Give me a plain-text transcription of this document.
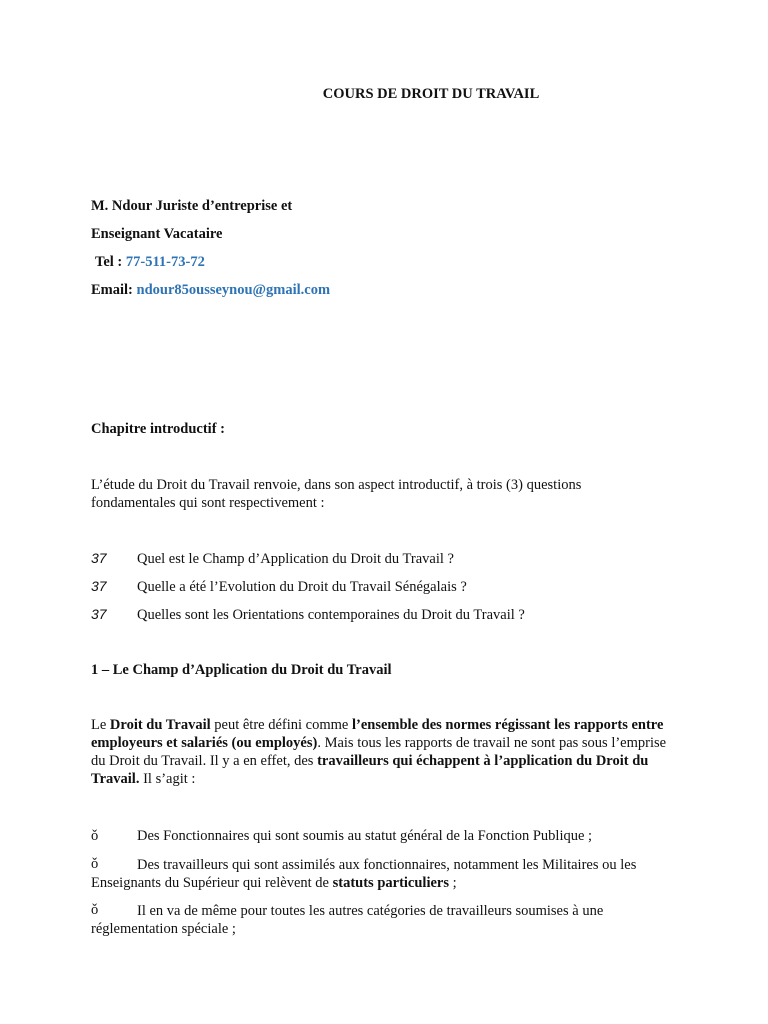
COURS DE DROIT DU TRAVAIL
M. Ndour Juriste d’entreprise et
Enseignant Vacataire
Tel : 77-511-73-72
Email: ndour85ousseynou@gmail.com
Chapitre introductif :
L’étude du Droit du Travail renvoie, dans son aspect introductif, à trois (3) questions
fondamentales qui sont respectivement :
37 Quel est le Champ d’Application du Droit du Travail ?
37 Quelle a été l’Evolution du Droit du Travail Sénégalais ?
37 Quelles sont les Orientations contemporaines du Droit du Travail ?
1 – Le Champ d’Application du Droit du Travail
Le Droit du Travail peut être défini comme l’ensemble des normes régissant les rapports entre employeurs et salariés (ou employés). Mais tous les rapports de travail ne sont pas sous l’emprise du Droit du Travail. Il y a en effet, des travailleurs qui échappent à l’application du Droit du Travail. Il s’agit :
ǒ	Des Fonctionnaires qui sont soumis au statut général de la Fonction Publique ;
ǒ	Des travailleurs qui sont assimilés aux fonctionnaires, notamment les Militaires ou les Enseignants du Supérieur qui relèvent de statuts particuliers ;
ǒ	Il en va de même pour toutes les autres catégories de travailleurs soumises à une réglementation spéciale ;
